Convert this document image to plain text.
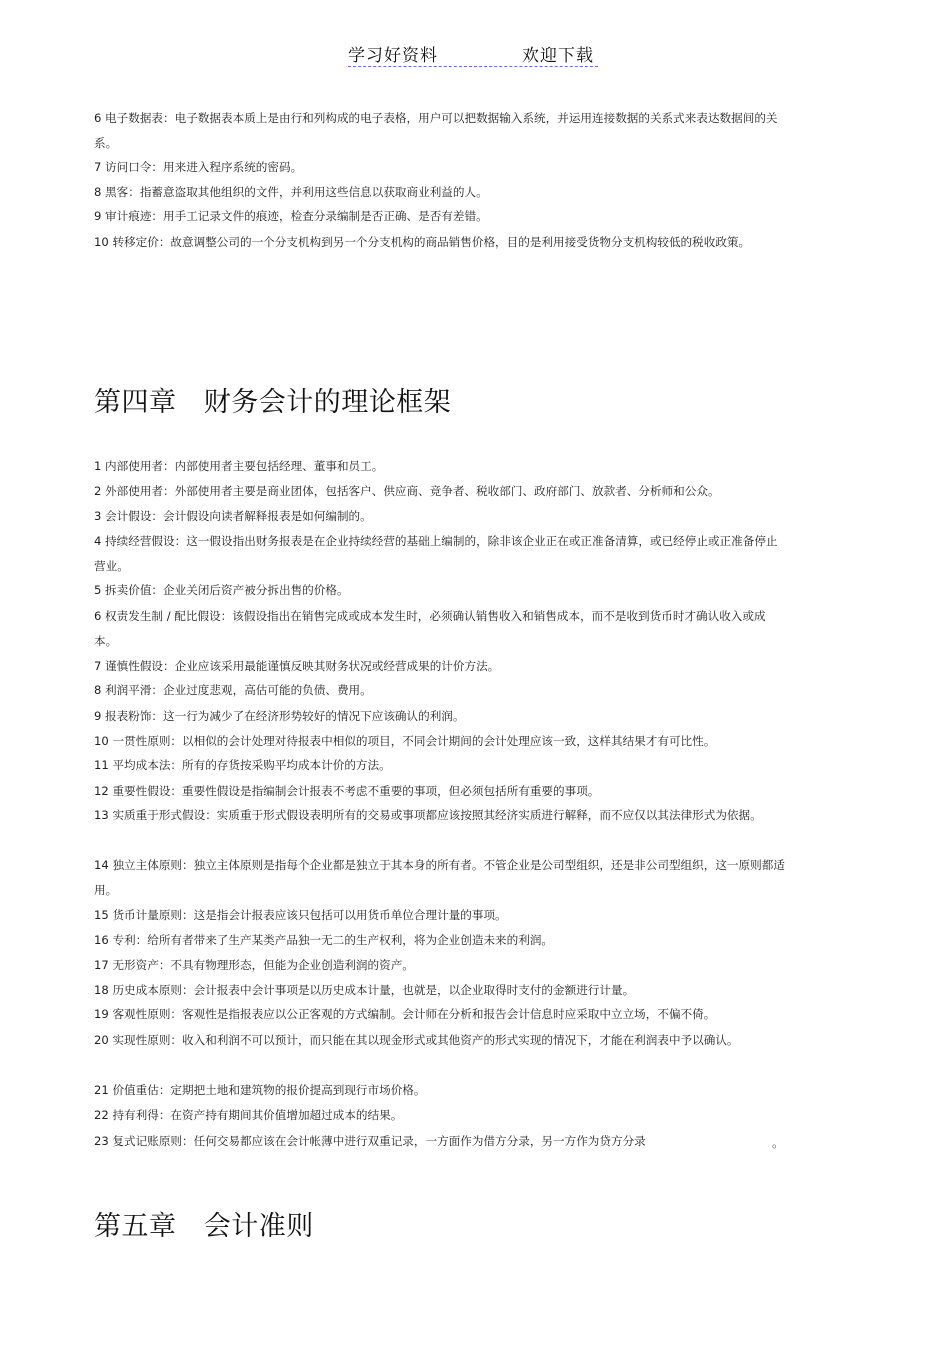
学习好资料	欢迎下载
6 电子数据表：电子数据表本质上是由行和列构成的电子表格，用户可以把数据输入系统，并运用连接数据的关系式来表达数据间的关系。
7 访问口令：用来进入程序系统的密码。
8 黑客：指蓄意盗取其他组织的文件，并利用这些信息以获取商业利益的人。
9 审计痕迹：用手工记录文件的痕迹，检查分录编制是否正确、是否有差错。
10 转移定价：故意调整公司的一个分支机构到另一个分支机构的商品销售价格，目的是利用接受货物分支机构较低的税收政策。
第四章   财务会计的理论框架
1 内部使用者：内部使用者主要包括经理、董事和员工。
2 外部使用者：外部使用者主要是商业团体，包括客户、供应商、竞争者、税收部门、政府部门、放款者、分析师和公众。
3 会计假设：会计假设向读者解释报表是如何编制的。
4 持续经营假设：这一假设指出财务报表是在企业持续经营的基础上编制的，除非该企业正在或正准备清算，或已经停止或正准备停止营业。
5 拆卖价值：企业关闭后资产被分拆出售的价格。
6 权责发生制 / 配比假设：该假设指出在销售完成或成本发生时，必须确认销售收入和销售成本，而不是收到货币时才确认收入或成本。
7 谨慎性假设：企业应该采用最能谨慎反映其财务状况或经营成果的计价方法。
8 利润平滑：企业过度悲观，高估可能的负债、费用。
9 报表粉饰：这一行为减少了在经济形势较好的情况下应该确认的利润。
10 一贯性原则：以相似的会计处理对待报表中相似的项目，不同会计期间的会计处理应该一致，这样其结果才有可比性。
11 平均成本法：所有的存货按采购平均成本计价的方法。
12 重要性假设：重要性假设是指编制会计报表不考虑不重要的事项，但必须包括所有重要的事项。
13 实质重于形式假设：实质重于形式假设表明所有的交易或事项都应该按照其经济实质进行解释，而不应仅以其法律形式为依据。
14 独立主体原则：独立主体原则是指每个企业都是独立于其本身的所有者。不管企业是公司型组织，还是非公司型组织，这一原则都适用。
15 货币计量原则：这是指会计报表应该只包括可以用货币单位合理计量的事项。
16 专利：给所有者带来了生产某类产品独一无二的生产权利，将为企业创造未来的利润。
17 无形资产：不具有物理形态，但能为企业创造利润的资产。
18 历史成本原则：会计报表中会计事项是以历史成本计量，也就是，以企业取得时支付的金额进行计量。
19 客观性原则：客观性是指报表应以公正客观的方式编制。会计师在分析和报告会计信息时应采取中立立场，不偏不倚。
20 实现性原则：收入和利润不可以预计，而只能在其以现金形式或其他资产的形式实现的情况下，才能在利润表中予以确认。
21 价值重估：定期把土地和建筑物的报价提高到现行市场价格。
22 持有利得：在资产持有期间其价值增加超过成本的结果。
23 复式记账原则：任何交易都应该在会计帐薄中进行双重记录，一方面作为借方分录，另一方作为贷方分录	。
第五章   会计准则
